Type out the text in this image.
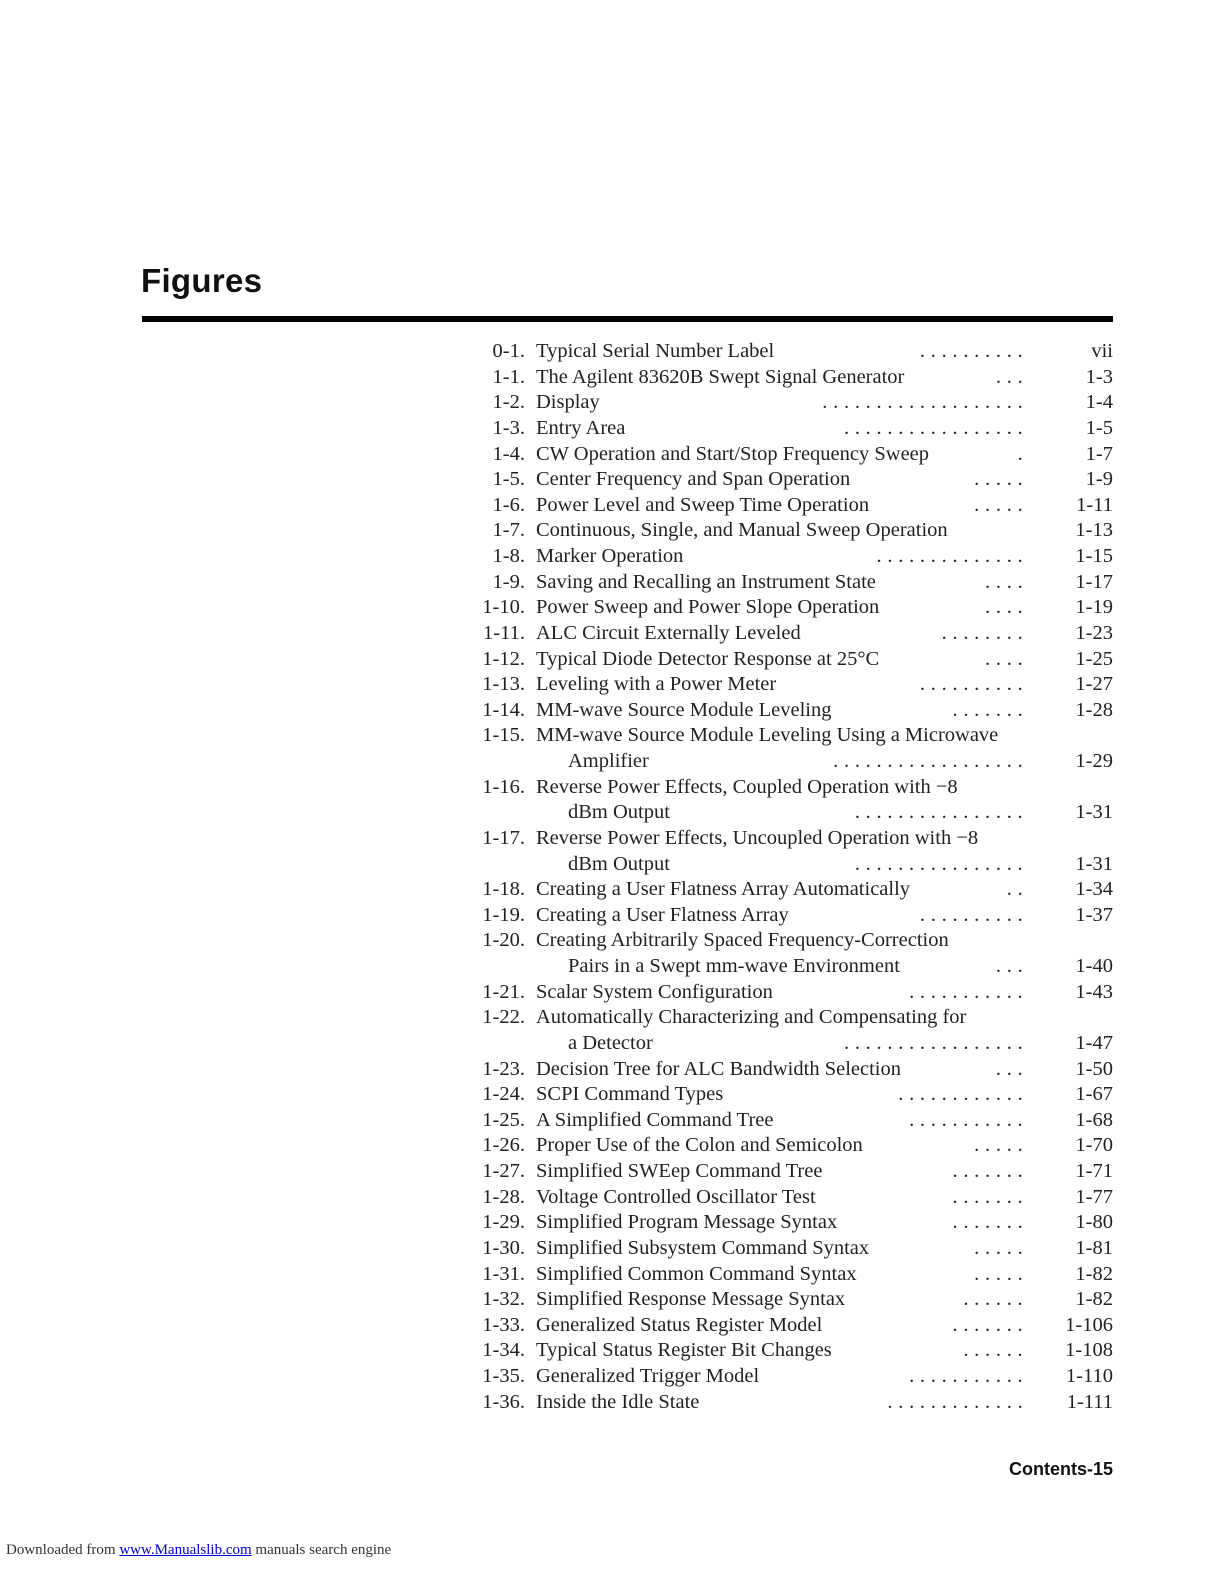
Figures
0-1. Typical Serial Number Label	. . . . . . . . . .	vii
1-1. The Agilent 83620B Swept Signal Generator	. . .	1-3
1-2. Display	. . . . . . . . . . . . . . . . . . .	1-4
1-3. Entry Area	. . . . . . . . . . . . . . . . .	1-5
1-4. CW Operation and Start/Stop Frequency Sweep	.	1-7
1-5. Center Frequency and Span Operation	. . . . .	1-9
1-6. Power Level and Sweep Time Operation	. . . . .	1-11
1-7. Continuous, Single, and Manual Sweep Operation	1-13
1-8. Marker Operation	. . . . . . . . . . . . . .	1-15
1-9. Saving and Recalling an Instrument State	. . . .	1-17
1-10. Power Sweep and Power Slope Operation	. . . .	1-19
1-11. ALC Circuit Externally Leveled	. . . . . . . .	1-23
1-12. Typical Diode Detector Response at 25°C	. . . .	1-25
1-13. Leveling with a Power Meter	. . . . . . . . . .	1-27
1-14. MM-wave Source Module Leveling	. . . . . . .	1-28
1-15. MM-wave Source Module Leveling Using a Microwave
Amplifier	. . . . . . . . . . . . . . . . . .	1-29
1-16. Reverse Power Effects, Coupled Operation with −8
dBm Output	. . . . . . . . . . . . . . . .	1-31
1-17. Reverse Power Effects, Uncoupled Operation with −8
dBm Output	. . . . . . . . . . . . . . . .	1-31
1-18. Creating a User Flatness Array Automatically	. .	1-34
1-19. Creating a User Flatness Array	. . . . . . . . . .	1-37
1-20. Creating Arbitrarily Spaced Frequency-Correction
Pairs in a Swept mm-wave Environment	. . .	1-40
1-21. Scalar System Configuration	. . . . . . . . . . .	1-43
1-22. Automatically Characterizing and Compensating for
a Detector	. . . . . . . . . . . . . . . . .	1-47
1-23. Decision Tree for ALC Bandwidth Selection	. . .	1-50
1-24. SCPI Command Types	. . . . . . . . . . . .	1-67
1-25. A Simplified Command Tree	. . . . . . . . . . .	1-68
1-26. Proper Use of the Colon and Semicolon	. . . . .	1-70
1-27. Simplified SWEep Command Tree	. . . . . . .	1-71
1-28. Voltage Controlled Oscillator Test	. . . . . . .	1-77
1-29. Simplified Program Message Syntax	. . . . . . .	1-80
1-30. Simplified Subsystem Command Syntax	. . . . .	1-81
1-31. Simplified Common Command Syntax	. . . . .	1-82
1-32. Simplified Response Message Syntax	. . . . . .	1-82
1-33. Generalized Status Register Model	. . . . . . . 1-106
1-34. Typical Status Register Bit Changes	. . . . . . 1-108
1-35. Generalized Trigger Model	. . . . . . . . . . . 1-110
1-36. Inside the Idle State	. . . . . . . . . . . . . 1-111
Contents-15
Downloaded from www.Manualslib.com manuals search engine
